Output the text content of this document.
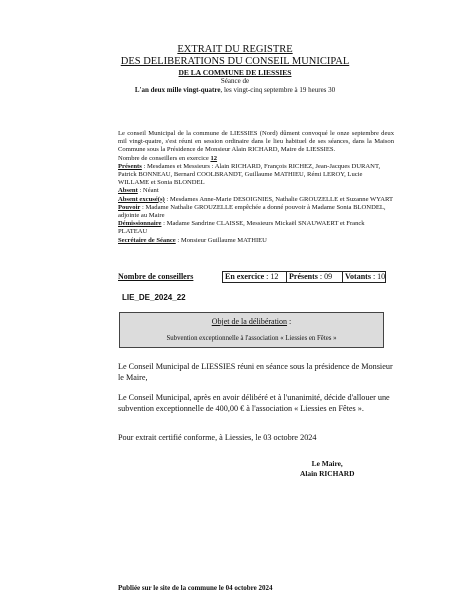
EXTRAIT DU REGISTRE
DES DELIBERATIONS DU CONSEIL MUNICIPAL
DE LA COMMUNE DE LIESSIES
Séance de
L'an deux mille vingt-quatre, les vingt-cinq septembre à 19 heures 30

Le conseil Municipal de la commune de LIESSIES (Nord) dûment convoqué le onze septembre deux mil vingt-quatre, s'est réuni en session ordinaire dans le lieu habituel de ses séances, dans la Maison Commune sous la Présidence de Monsieur Alain RICHARD, Maire de LIESSIES.

Nombre de conseillers en exercice 12

Présents : Mesdames et Messieurs : Alain RICHARD, François RICHEZ, Jean-Jacques DURANT, Patrick BONNEAU, Bernard COOLBRANDT, Guillaume MATHIEU, Rémi LEROY, Lucie WILLAME et Sonia BLONDEL

Absent : Néant

Absent excusé(s) : Mesdames Anne-Marie DESOIGNIES, Nathalie GROUZELLE et Suzanne WYART

Pouvoir : Madame Nathalie GROUZELLE empêchée a donné pouvoir à Madame Sonia BLONDEL, adjointe au Maire

Démissionnaire : Madame Sandrine CLAISSE, Messieurs Mickaël SNAUWAERT et Franck PLATEAU

Secrétaire de Séance : Monsieur Guillaume MATHIEU

Nombre de conseillers	En exercice : 12	Présents : 09	Votants : 10
LIE_DE_2024_22
Objet de la délibération :
Subvention exceptionnelle à l'association « Liessies en Fêtes »

Le Conseil Municipal de LIESSIES réuni en séance sous la présidence de Monsieur le Maire,

Le Conseil Municipal, après en avoir délibéré et à l'unanimité, décide d'allouer une subvention exceptionnelle de 400,00 € à l'association « Liessies en Fêtes ».

Pour extrait certifié conforme, à Liessies, le 03 octobre 2024

Le Maire,
Alain RICHARD
Publiée sur le site de la commune le 04 octobre 2024
